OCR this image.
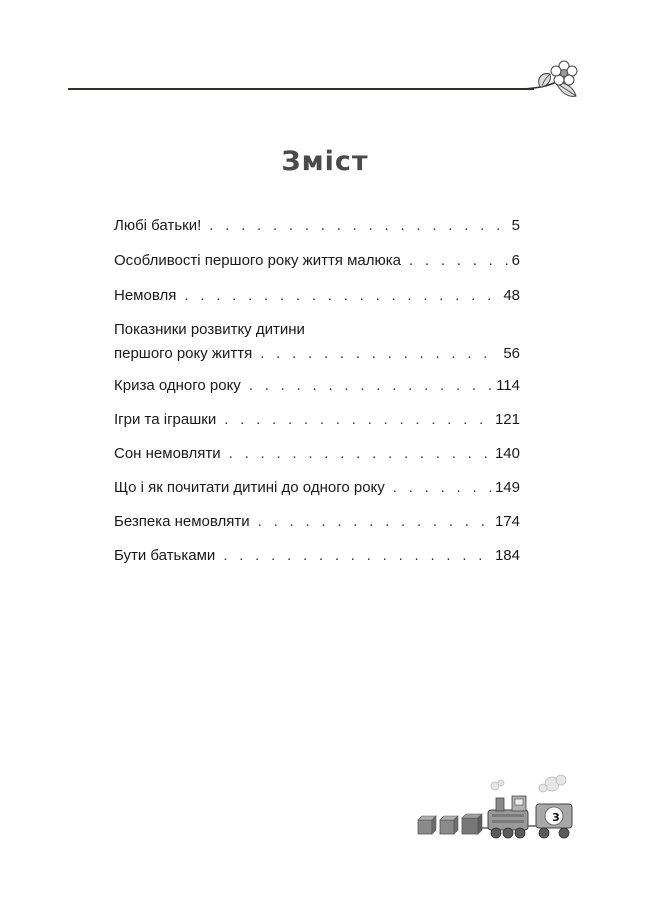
Зміст
Любі батьки! . . .	5
Особливості першого року життя малюка . . .	6
Немовля . . .	48
Показники розвитку дитини
першого року життя . . .	56
Криза одного року . . .	114
Ігри та іграшки . . .	121
Сон немовляти . . .	140
Що і як почитати дитині до одного року . . .	149
Безпека немовляти . . .	174
Бути батьками . . .	184
3
